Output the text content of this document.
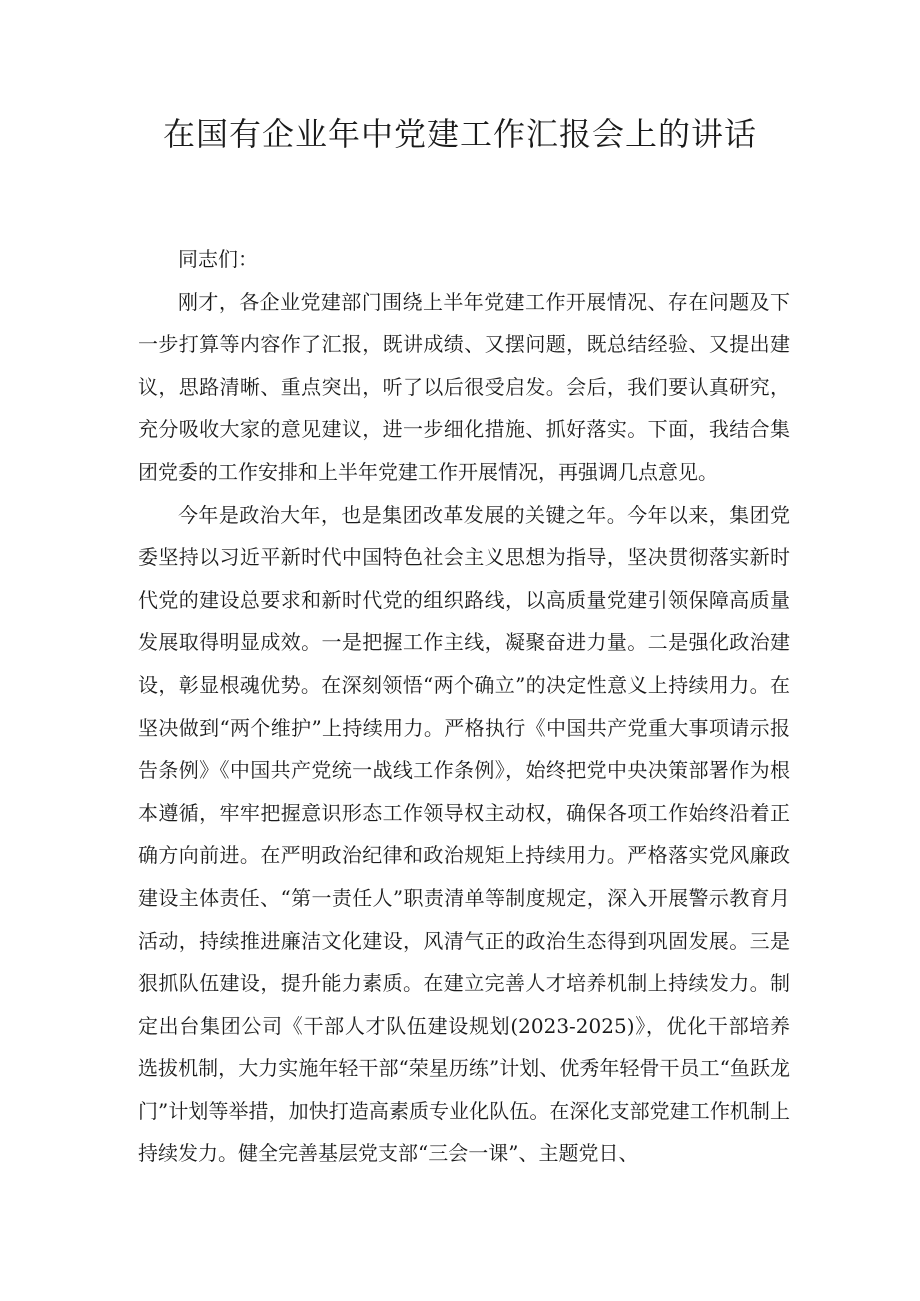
在国有企业年中党建工作汇报会上的讲话

同志们：

刚才，各企业党建部门围绕上半年党建工作开展情况、存在问题及下一步打算等内容作了汇报，既讲成绩、又摆问题，既总结经验、又提出建议，思路清晰、重点突出，听了以后很受启发。会后，我们要认真研究，充分吸收大家的意见建议，进一步细化措施、抓好落实。下面，我结合集团党委的工作安排和上半年党建工作开展情况，再强调几点意见。

今年是政治大年，也是集团改革发展的关键之年。今年以来，集团党委坚持以习近平新时代中国特色社会主义思想为指导，坚决贯彻落实新时代党的建设总要求和新时代党的组织路线，以高质量党建引领保障高质量发展取得明显成效。一是把握工作主线，凝聚奋进力量。二是强化政治建设，彰显根魂优势。在深刻领悟“两个确立”的决定性意义上持续用力。在坚决做到“两个维护”上持续用力。严格执行《中国共产党重大事项请示报告条例》《中国共产党统一战线工作条例》，始终把党中央决策部署作为根本遵循，牢牢把握意识形态工作领导权主动权，确保各项工作始终沿着正确方向前进。在严明政治纪律和政治规矩上持续用力。严格落实党风廉政建设主体责任、“第一责任人”职责清单等制度规定，深入开展警示教育月活动，持续推进廉洁文化建设，风清气正的政治生态得到巩固发展。三是狠抓队伍建设，提升能力素质。在建立完善人才培养机制上持续发力。制定出台集团公司《干部人才队伍建设规划(2023-2025)》，优化干部培养选拔机制，大力实施年轻干部“荣星历练”计划、优秀年轻骨干员工“鱼跃龙门”计划等举措，加快打造高素质专业化队伍。在深化支部党建工作机制上持续发力。健全完善基层党支部“三会一课”、主题党日、
